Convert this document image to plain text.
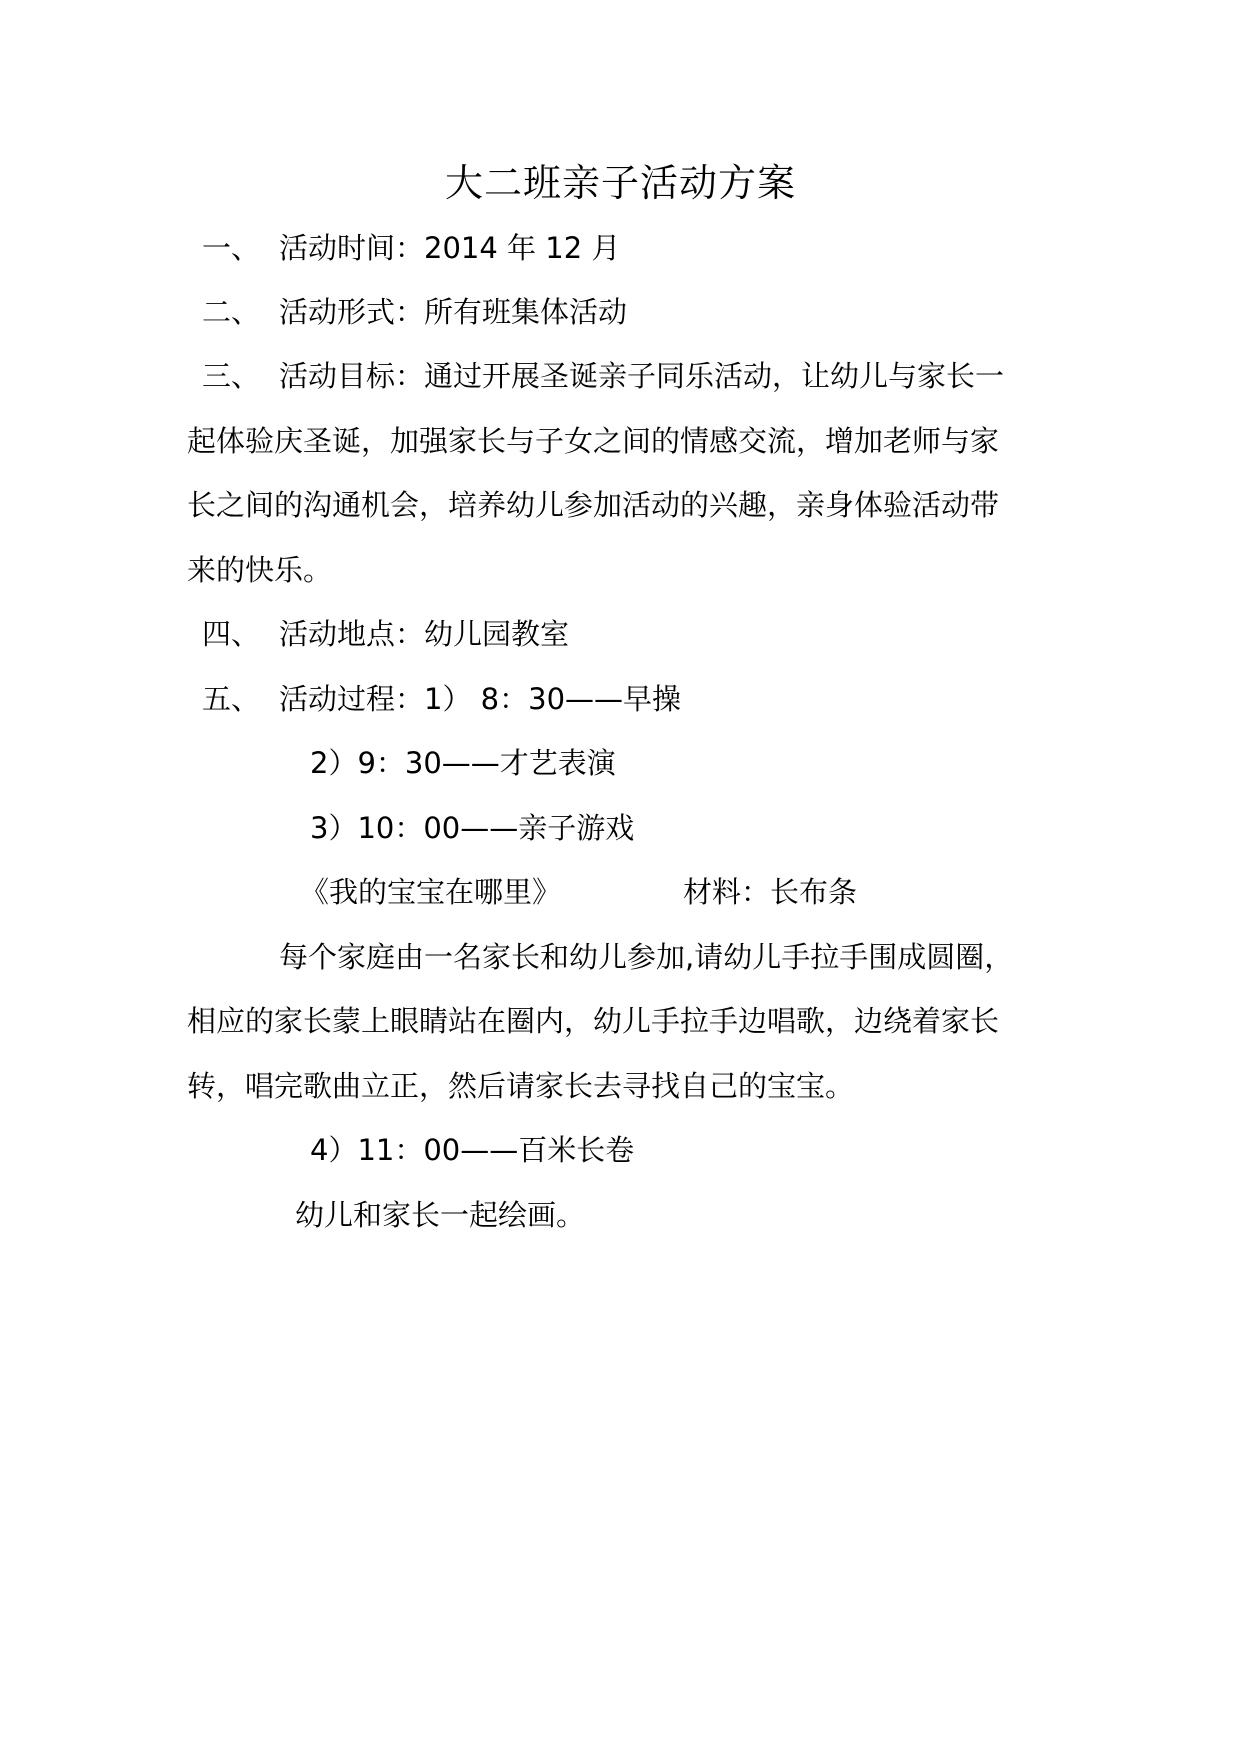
大二班亲子活动方案
一、 活动时间：2014 年 12 月
二、 活动形式：所有班集体活动
三、 活动目标：通过开展圣诞亲子同乐活动，让幼儿与家长一
起体验庆圣诞，加强家长与子女之间的情感交流，增加老师与家
长之间的沟通机会，培养幼儿参加活动的兴趣，亲身体验活动带
来的快乐。
四、 活动地点：幼儿园教室
五、 活动过程：1） 8：30——早操
2）9：30——才艺表演
3）10：00——亲子游戏
《我的宝宝在哪里》	材料：长布条
每个家庭由一名家长和幼儿参加,请幼儿手拉手围成圆圈，
相应的家长蒙上眼睛站在圈内，幼儿手拉手边唱歌，边绕着家长
转，唱完歌曲立正，然后请家长去寻找自己的宝宝。
4）11：00——百米长卷
幼儿和家长一起绘画。
